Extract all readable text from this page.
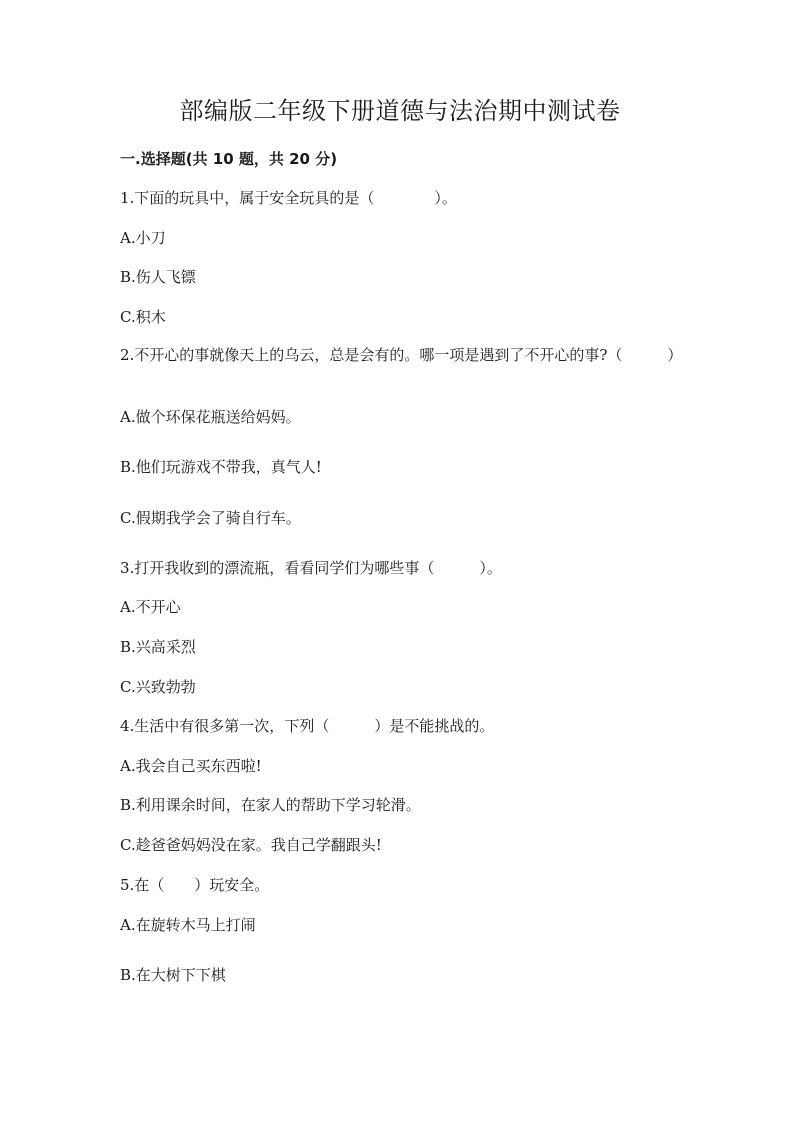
部编版二年级下册道德与法治期中测试卷
一.选择题(共 10 题，共 20 分)
1.下面的玩具中，属于安全玩具的是（　　　　）。
A.小刀
B.伤人飞镖
C.积木
2.不开心的事就像天上的乌云，总是会有的。哪一项是遇到了不开心的事?（　　　）
A.做个环保花瓶送给妈妈。
B.他们玩游戏不带我，真气人!
C.假期我学会了骑自行车。
3.打开我收到的漂流瓶，看看同学们为哪些事（　　　）。
A.不开心
B.兴高采烈
C.兴致勃勃
4.生活中有很多第一次，下列（　　　）是不能挑战的。
A.我会自己买东西啦!
B.利用课余时间，在家人的帮助下学习轮滑。
C.趁爸爸妈妈没在家。我自己学翻跟头!
5.在（　　）玩安全。
A.在旋转木马上打闹
B.在大树下下棋
